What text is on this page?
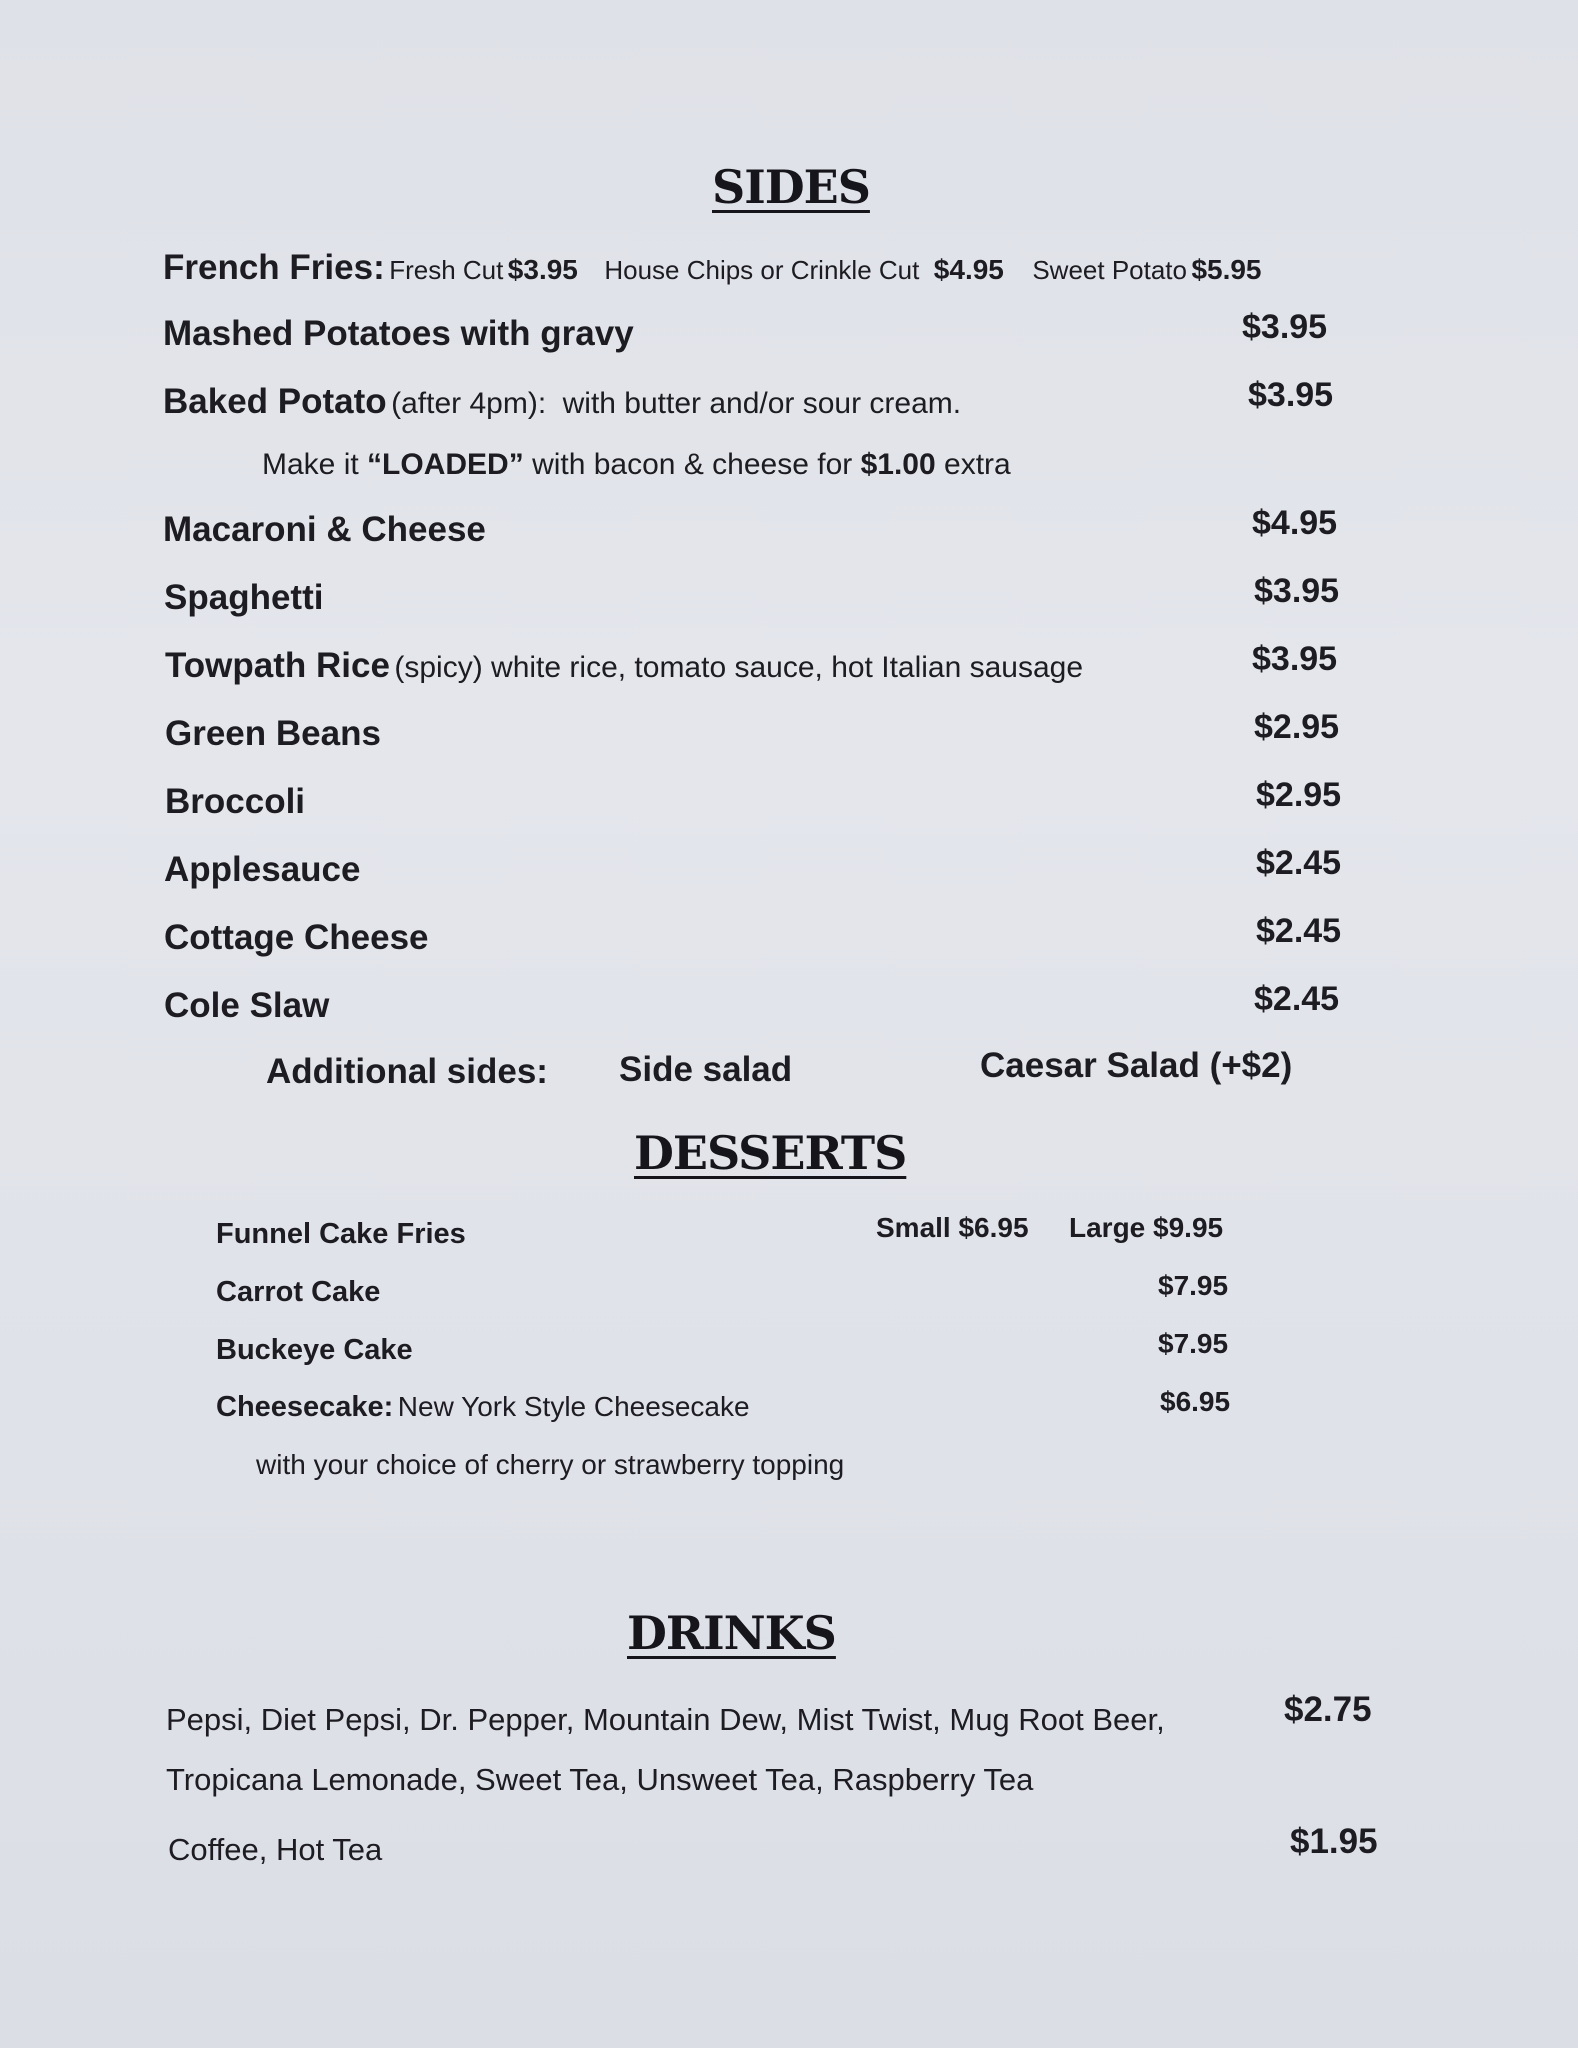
SIDES
French Fries: Fresh Cut $3.95 House Chips or Crinkle Cut $4.95 Sweet Potato $5.95
Mashed Potatoes with gravy	$3.95
Baked Potato (after 4pm): with butter and/or sour cream.	$3.95
Make it “LOADED” with bacon & cheese for $1.00 extra
Macaroni & Cheese	$4.95
Spaghetti	$3.95
Towpath Rice (spicy) white rice, tomato sauce, hot Italian sausage	$3.95
Green Beans	$2.95
Broccoli	$2.95
Applesauce	$2.45
Cottage Cheese	$2.45
Cole Slaw	$2.45
Additional sides: Side salad	Caesar Salad (+$2)
DESSERTS
Funnel Cake Fries	Small $6.95 Large $9.95
Carrot Cake	$7.95
Buckeye Cake	$7.95
Cheesecake: New York Style Cheesecake	$6.95
with your choice of cherry or strawberry topping
DRINKS
Pepsi, Diet Pepsi, Dr. Pepper, Mountain Dew, Mist Twist, Mug Root Beer,	$2.75
Tropicana Lemonade, Sweet Tea, Unsweet Tea, Raspberry Tea
Coffee, Hot Tea	$1.95
